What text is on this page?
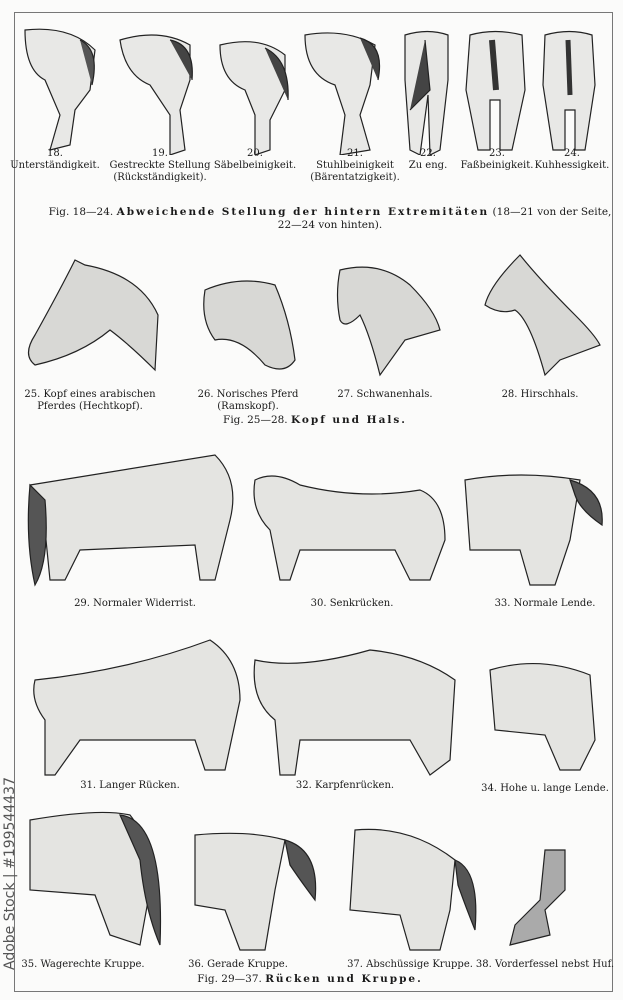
18.
Unterständigkeit.
19.
Gestreckte Stellung
(Rückständigkeit).
20.
Säbelbeinigkeit.
21.
Stuhlbeinigkeit
(Bärentatzigkeit).
22.
Zu eng.
23.
Faßbeinigkeit.
24.
Kuhhessigkeit.
Fig. 18—24. Abweichende Stellung der hintern Extremitäten (18—21 von der Seite,
22—24 von hinten).
25. Kopf eines arabischen
Pferdes (Hechtkopf).
26. Norisches Pferd
(Ramskopf).
27. Schwanenhals.	28. Hirschhals.
Fig. 25—28. Kopf und Hals.
29. Normaler Widerrist.	30. Senkrücken.	33. Normale Lende.
31. Langer Rücken.	32. Karpfenrücken.	34. Hohe u. lange Lende.
35. Wagerechte Kruppe.	36. Gerade Kruppe.	37. Abschüssige Kruppe. 38. Vorderfessel nebst Huf.
Fig. 29—37. Rücken und Kruppe.
Adobe Stock | #199544437
